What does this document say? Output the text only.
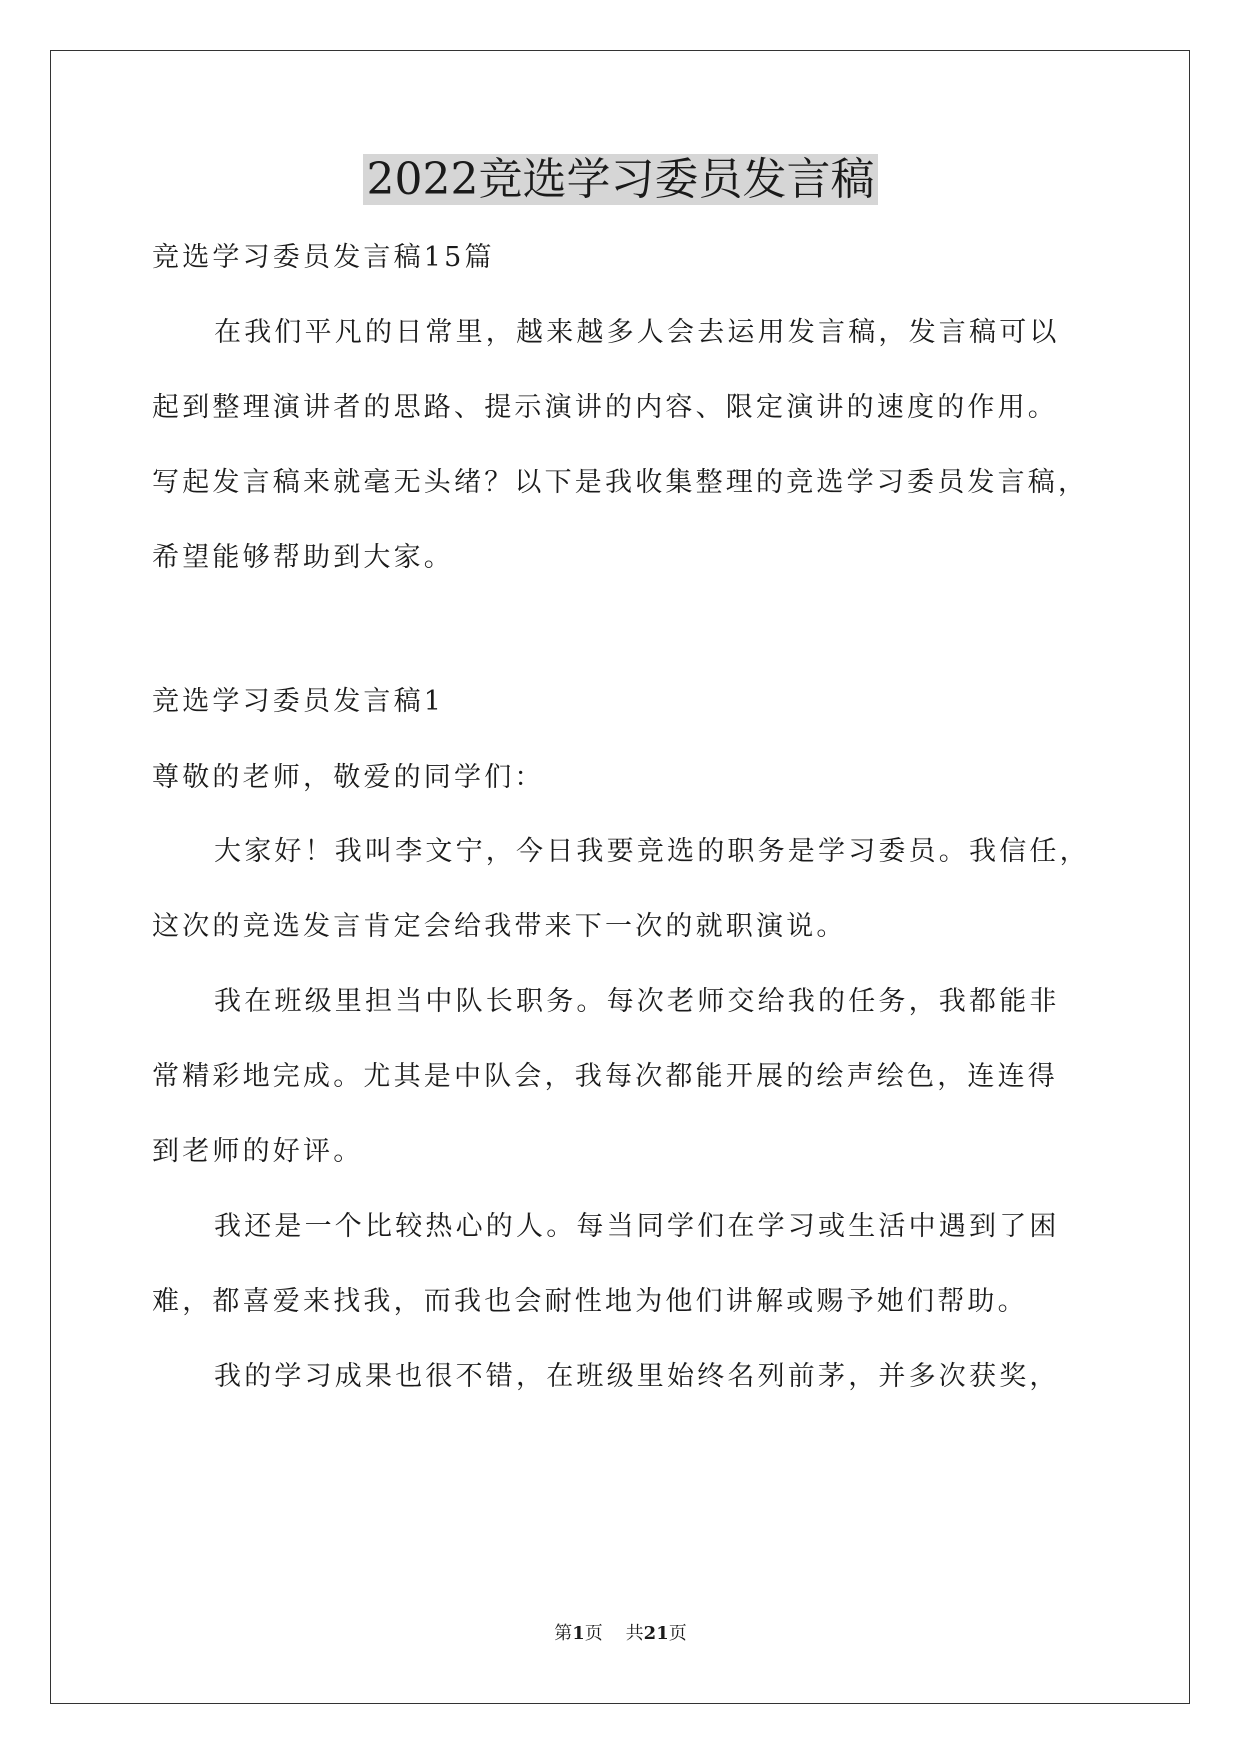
2022竞选学习委员发言稿

竞选学习委员发言稿15篇

在我们平凡的日常里，越来越多人会去运用发言稿，发言稿可以

起到整理演讲者的思路、提示演讲的内容、限定演讲的速度的作用。

写起发言稿来就毫无头绪？以下是我收集整理的竞选学习委员发言稿，

希望能够帮助到大家。

竞选学习委员发言稿1

尊敬的老师，敬爱的同学们：

大家好！我叫李文宁，今日我要竞选的职务是学习委员。我信任，

这次的竞选发言肯定会给我带来下一次的就职演说。

我在班级里担当中队长职务。每次老师交给我的任务，我都能非

常精彩地完成。尤其是中队会，我每次都能开展的绘声绘色，连连得

到老师的好评。

我还是一个比较热心的人。每当同学们在学习或生活中遇到了困

难，都喜爱来找我，而我也会耐性地为他们讲解或赐予她们帮助。

我的学习成果也很不错，在班级里始终名列前茅，并多次获奖，

第1页 共21页
